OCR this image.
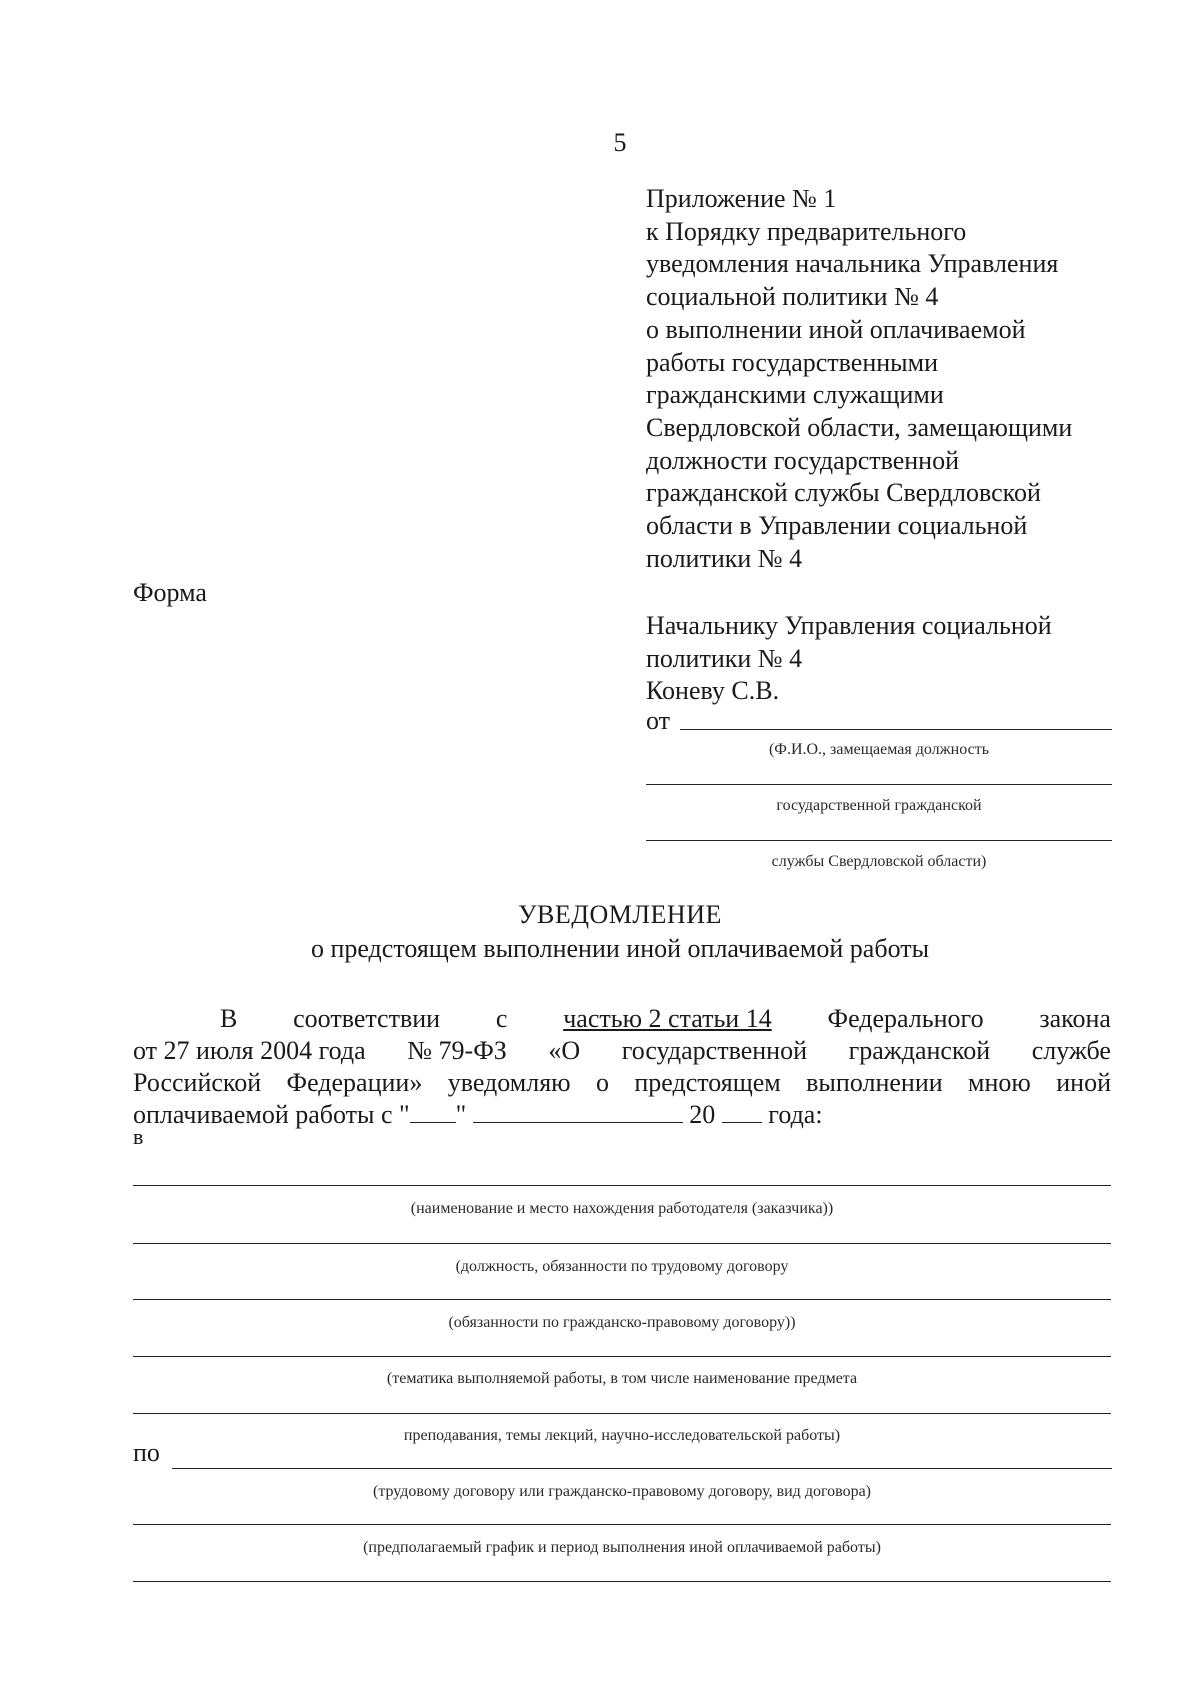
5
Приложение № 1
к Порядку предварительного
уведомления начальника Управления
социальной политики № 4
о выполнении иной оплачиваемой
работы государственными
гражданскими служащими
Свердловской области, замещающими
должности государственной
гражданской службы Свердловской
области в Управлении социальной
политики № 4
Форма
Начальнику Управления социальной
политики № 4
Коневу С.В.
от
(Ф.И.О., замещаемая должность
государственной гражданской
службы Свердловской области)
УВЕДОМЛЕНИЕ
о предстоящем выполнении иной оплачиваемой работы
В соответствии с частью 2 статьи 14 Федерального закона
от 27 июля 2004 года № 79-ФЗ «О государственной гражданской службе
Российской Федерации» уведомляю о предстоящем выполнении мною иной
оплачиваемой работы с " "	20 года:
в
(наименование и место нахождения работодателя (заказчика))
(должность, обязанности по трудовому договору
(обязанности по гражданско-правовому договору))
(тематика выполняемой работы, в том числе наименование предмета
преподавания, темы лекций, научно-исследовательской работы)
по
(трудовому договору или гражданско-правовому договору, вид договора)
(предполагаемый график и период выполнения иной оплачиваемой работы)
